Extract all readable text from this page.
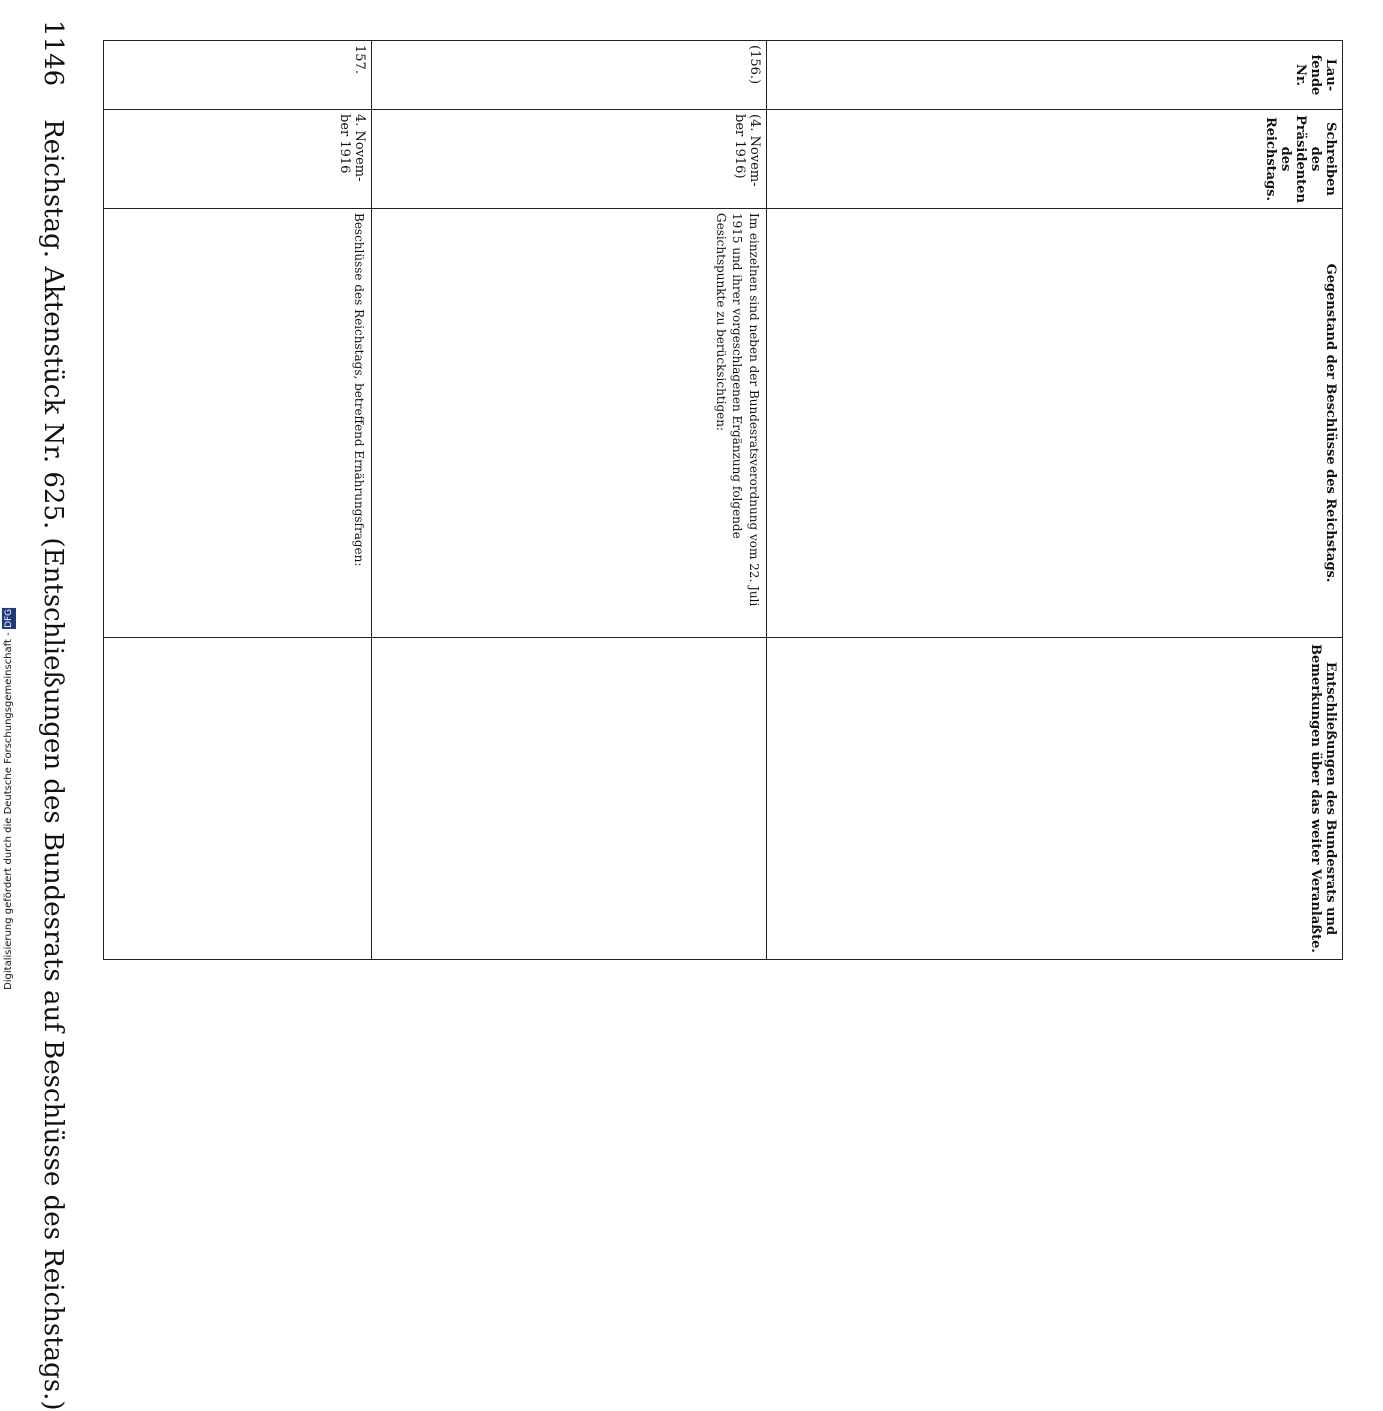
Digitalisierung gefördert durch die Deutsche Forschungsgemeinschaft - DFG
1146    Reichstag. Aktenstück Nr. 625. (Entschließungen des Bundesrats auf Beschlüsse des Reichstags.)
Lau- fende Nr.	Schreiben des Präsidenten des Reichstags.	Gegenstand der Beschlüsse des Reichstags.	Entschließungen des Bundesrats und Bemerkungen über das weiter Veranlaßte.
(156.)	(4. Novem- ber 1916)	Im einzelnen sind neben der Bundesratsverordnung vom 22. Juli 1915 und ihrer vorgeschlagenen Ergänzung folgende Gesichtspunkte zu berücksichtigen:	
157.	4. Novem- ber 1916	Beschlüsse des Reichstags, betreffend Ernährungsfragen:	
